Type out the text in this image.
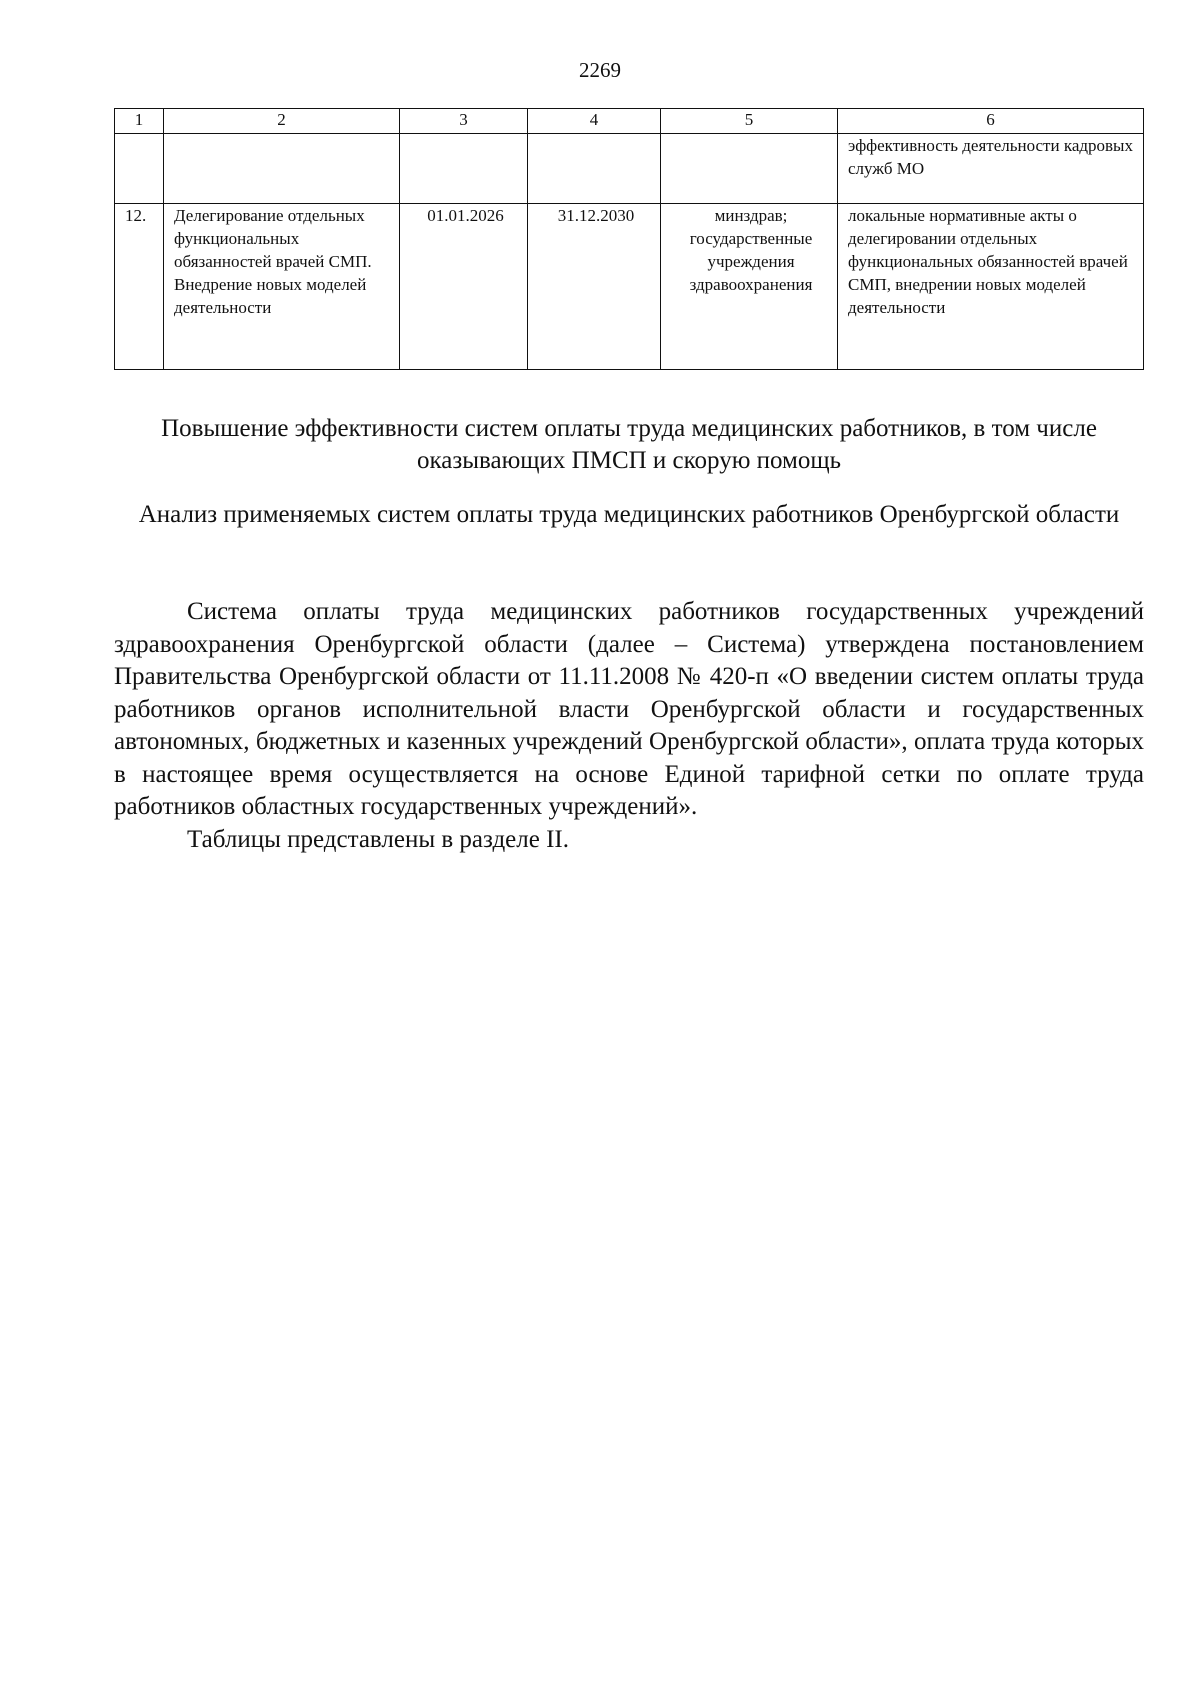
2269
1	2	3	4	5	6
					эффективность деятельности кадровых служб МО
12.	Делегирование отдельных функциональных обязанностей врачей СМП. Внедрение новых моделей деятельности	01.01.2026	31.12.2030	минздрав; государственные учреждения здравоохранения	локальные нормативные акты о делегировании отдельных функциональных обязанностей врачей СМП, внедрении новых моделей деятельности
Повышение эффективности систем оплаты труда медицинских работников, в том числе оказывающих ПМСП и скорую помощь
Анализ применяемых систем оплаты труда медицинских работников Оренбургской области

Система оплаты труда медицинских работников государственных учреждений здравоохранения Оренбургской области (далее – Система) утверждена постановлением Правительства Оренбургской области от 11.11.2008 № 420-п «О введении систем оплаты труда работников органов исполнительной власти Оренбургской области и государственных автономных, бюджетных и казенных учреждений Оренбургской области», оплата труда которых в настоящее время осуществляется на основе Единой тарифной сетки по оплате труда работников областных государственных учреждений».

Таблицы представлены в разделе II.
